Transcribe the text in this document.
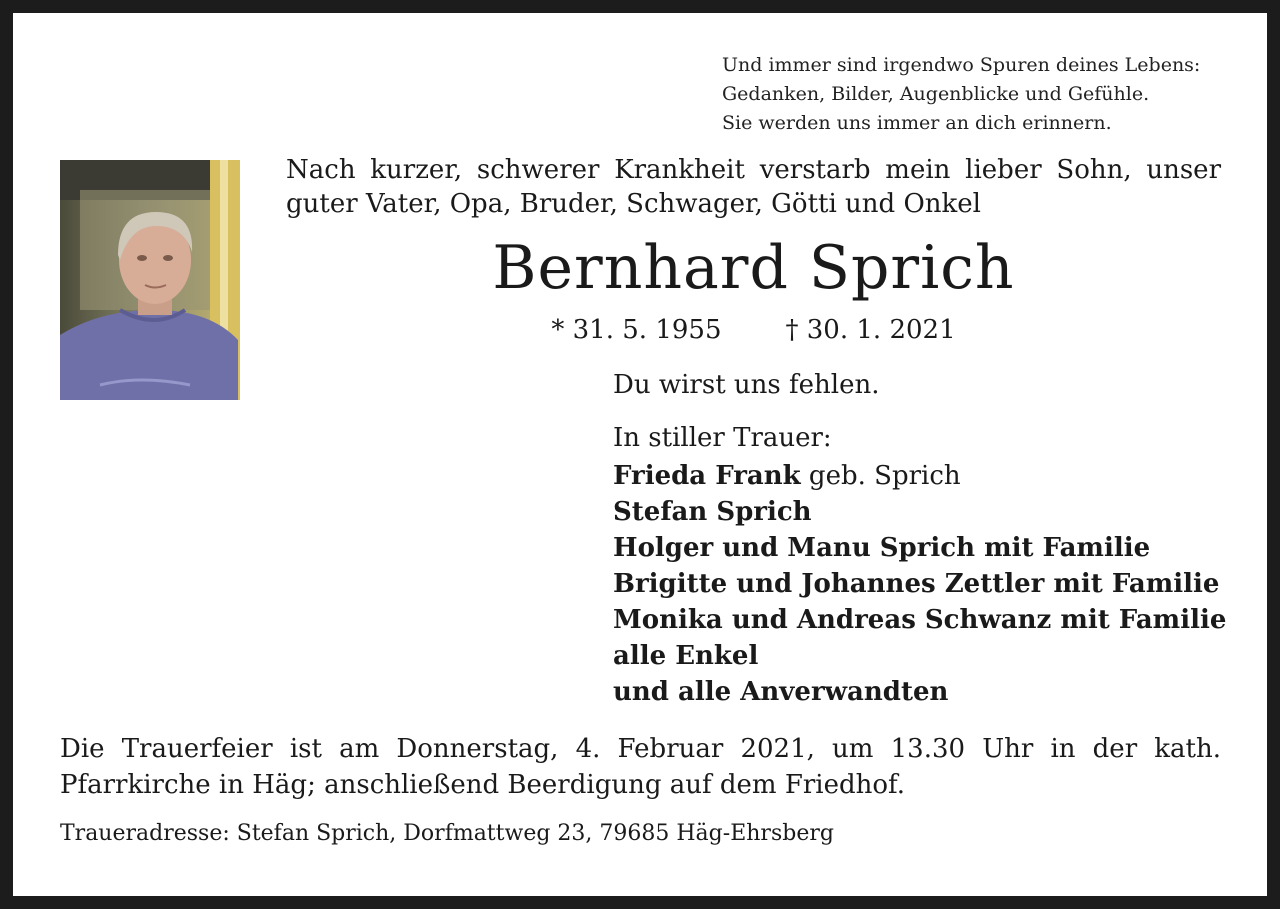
Und immer sind irgendwo Spuren deines Lebens:
Gedanken, Bilder, Augenblicke und Gefühle.
Sie werden uns immer an dich erinnern.
Nach kurzer, schwerer Krankheit verstarb mein lieber Sohn, unser guter Vater, Opa, Bruder, Schwager, Götti und Onkel
Bernhard Sprich
* 31. 5. 1955 † 30. 1. 2021
Du wirst uns fehlen.
In stiller Trauer:
Frieda Frank geb. Sprich
Stefan Sprich
Holger und Manu Sprich mit Familie
Brigitte und Johannes Zettler mit Familie
Monika und Andreas Schwanz mit Familie
alle Enkel
und alle Anverwandten
Die Trauerfeier ist am Donnerstag, 4. Februar 2021, um 13.30 Uhr in der kath. Pfarrkirche in Häg; anschließend Beerdigung auf dem Friedhof.
Traueradresse: Stefan Sprich, Dorfmattweg 23, 79685 Häg-Ehrsberg
